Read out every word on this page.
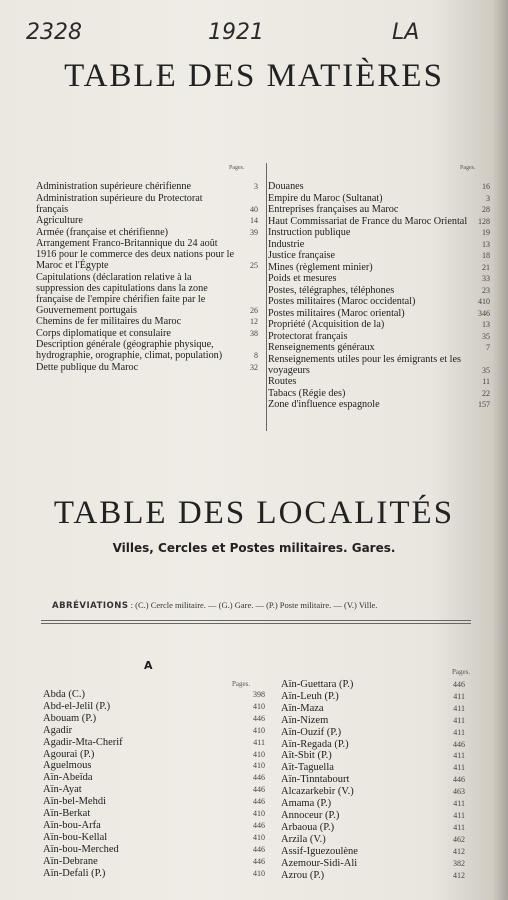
2328	1921	LA
TABLE DES MATIÈRES
Pages.	Pages.
Administration supérieure chérifienne	3
Administration supérieure du Protectorat français	40
Agriculture	14
Armée (française et chérifienne)	39
Arrangement Franco-Britannique du 24 août 1916 pour le commerce des deux nations pour le Maroc et l'Égypte	25
Capitulations (déclaration relative à la suppression des capitulations dans la zone française de l'empire chérifien faite par le Gouvernement portugais	26
Chemins de fer militaires du Maroc	12
Corps diplomatique et consulaire	38
Description générale (géographie physique, hydrographie, orographie, climat, population)	8
Dette publique du Maroc	32
Douanes	16
Empire du Maroc (Sultanat)	3
Entreprises françaises au Maroc	28
Haut Commissariat de France du Maroc Oriental	128
Instruction publique	19
Industrie	13
Justice française	18
Mines (règlement minier)	21
Poids et mesures	33
Postes, télégraphes, téléphones	23
Postes militaires (Maroc occidental)	410
Postes militaires (Maroc oriental)	346
Propriété (Acquisition de la)	13
Protectorat français	35
Renseignements généraux	7
Renseignements utiles pour les émigrants et les voyageurs	35
Routes	11
Tabacs (Régie des)	22
Zone d'influence espagnole	157
TABLE DES LOCALITÉS
Villes, Cercles et Postes militaires. Gares.
ABRÉVIATIONS : (C.) Cercle militaire. — (G.) Gare. — (P.) Poste militaire. — (V.) Ville.
A
Pages.
Pages.
Abda (C.)	398
Abd-el-Jelil (P.)	410
Abouam (P.)	446
Agadir	410
Agadir-Mta-Cherif	411
Agourai (P.)	410
Aguelmous	410
Aïn-Abeïda	446
Aïn-Ayat	446
Aïn-bel-Mehdi	446
Aïn-Berkat	410
Aïn-bou-Arfa	446
Aïn-bou-Kellal	410
Aïn-bou-Merched	446
Aïn-Debrane	446
Aïn-Defali (P.)	410
Aïn-Guettara (P.)	446
Aïn-Leuh (P.)	411
Aïn-Maza	411
Aïn-Nizem	411
Aïn-Ouzif (P.)	411
Aïn-Regada (P.)	446
Aït-Sbit (P.)	411
Aït-Taguella	411
Aïn-Tinntabourt	446
Alcazarkebir (V.)	463
Amama (P.)	411
Annoceur (P.)	411
Arbaoua (P.)	411
Arzila (V.)	462
Assif-Iguezoulène	412
Azemour-Sidi-Ali	382
Azrou (P.)	412
